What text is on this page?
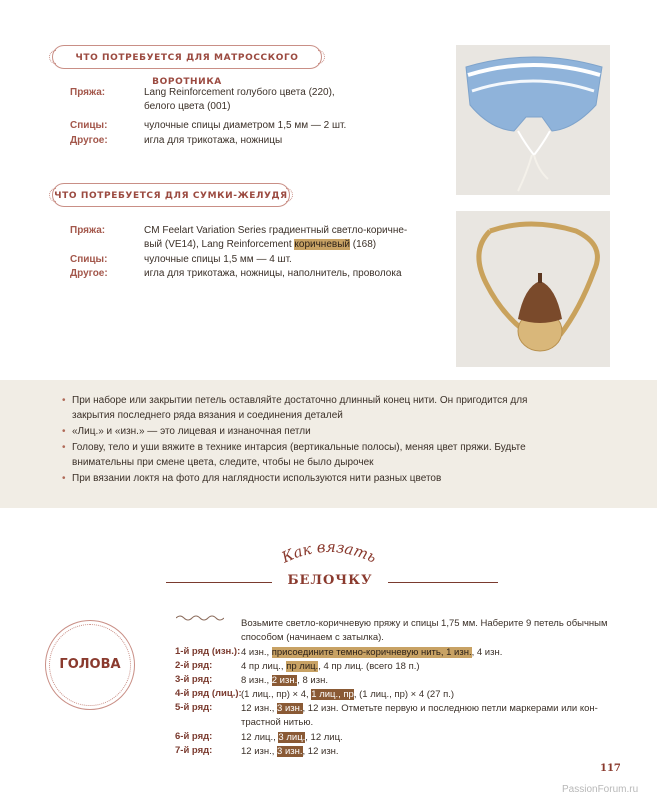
ЧТО ПОТРЕБУЕТСЯ ДЛЯ МАТРОССКОГО ВОРОТНИКА
Пряжа:	Lang Reinforcement голубого цвета (220),
белого цвета (001)
Спицы:	чулочные спицы диаметром 1,5 мм — 2 шт.
Другое:	игла для трикотажа, ножницы
ЧТО ПОТРЕБУЕТСЯ ДЛЯ СУМКИ-ЖЕЛУДЯ
Пряжа:	CM Feelart Variation Series градиентный светло-коричне-
вый (VE14), Lang Reinforcement коричневый (168)
Спицы:	чулочные спицы 1,5 мм — 4 шт.
Другое:	игла для трикотажа, ножницы, наполнитель, проволока
• При наборе или закрытии петель оставляйте достаточно длинный конец нити. Он пригодится для
закрытия последнего ряда вязания и соединения деталей
• «Лиц.» и «изн.» — это лицевая и изнаночная петли
• Голову, тело и уши вяжите в технике интарсия (вертикальные полосы), меняя цвет пряжи. Будьте
внимательны при смене цвета, следите, чтобы не было дырочек
• При вязании локтя на фото для наглядности используются нити разных цветов
Как вязать
БЕЛОЧКУ
ГОЛОВА
Возьмите светло-коричневую пряжу и спицы 1,75 мм. Наберите 9 петель обычным
способом (начинаем с затылка).
1-й ряд (изн.): 4 изн., присоедините темно-коричневую нить, 1 изн., 4 изн.
2-й ряд:	4 пр лиц., пр лиц., 4 пр лиц. (всего 18 п.)
3-й ряд:	8 изн., 2 изн., 8 изн.
4-й ряд (лиц.): (1 лиц., пр) × 4, 1 лиц., пр, (1 лиц., пр) × 4 (27 п.)
5-й ряд:	12 изн., 3 изн., 12 изн. Отметьте первую и последнюю петли маркерами или кон-
трастной нитью.
6-й ряд:	12 лиц., 3 лиц., 12 лиц.
7-й ряд:	12 изн., 3 изн., 12 изн.
117
PassionForum.ru
